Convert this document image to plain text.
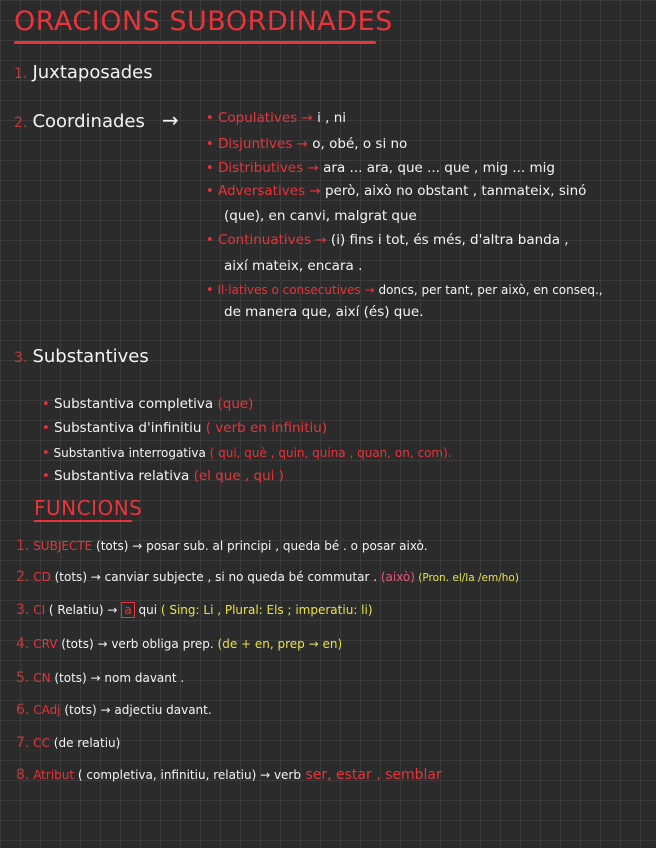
ORACIONS SUBORDINADES
1. Juxtaposades
2. Coordinades → • Copulatives → i , ni
• Disjuntives → o, obé, o si no
• Distributives → ara ... ara, que ... que , mig ... mig
• Adversatives → però, això no obstant , tanmateix, sinó
(que), en canvi, malgrat que
• Continuatives → (i) fins i tot, és més, d'altra banda ,
així mateix, encara .
• Il·latives o consecutives → doncs, per tant, per això, en conseq.,
de manera que, així (és) que.
3. Substantives
• Substantiva completiva (que)
• Substantiva d'infinitiu ( verb en infinitiu)
• Substantiva interrogativa ( qui, què , quin, quina , quan, on, com).
• Substantiva relativa (el que , qui )
FUNCIONS
1. SUBJECTE (tots) → posar sub. al principi , queda bé . o posar això.
2. CD (tots) → canviar subjecte , si no queda bé commutar . (això) (Pron. el/la /em/ho)
3. CI ( Relatiu) → a qui ( Sing: Li , Plural: Els ; imperatiu: li)
4. CRV (tots) → verb obliga prep. (de + en, prep → en)
5. CN (tots) → nom davant .
6. CAdj (tots) → adjectiu davant.
7. CC (de relatiu)
8. Atribut ( completiva, infinitiu, relatiu) → verb ser, estar , semblar
